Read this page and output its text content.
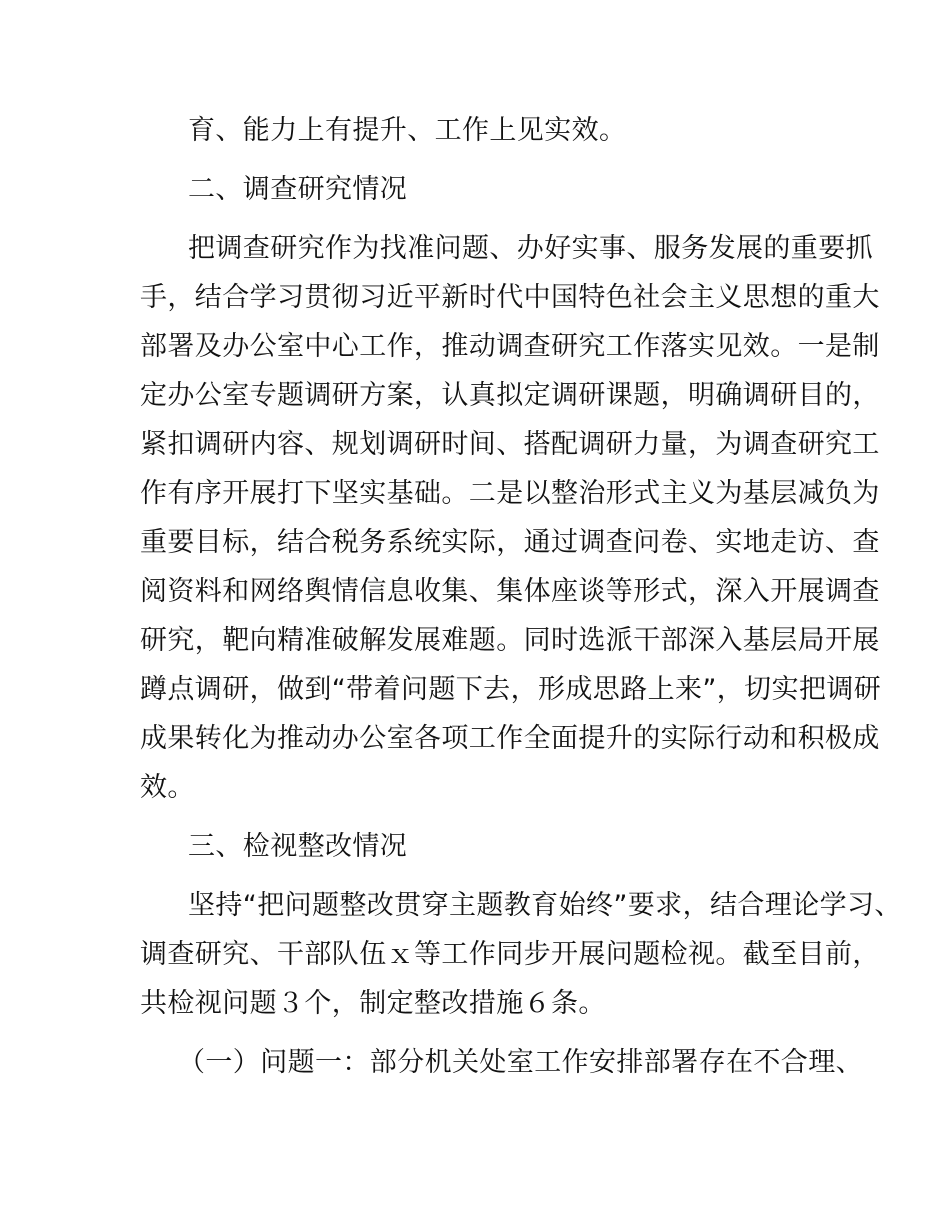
育、能力上有提升、工作上见实效。
二、调查研究情况
把调查研究作为找准问题、办好实事、服务发展的重要抓
手，结合学习贯彻习近平新时代中国特色社会主义思想的重大
部署及办公室中心工作，推动调查研究工作落实见效。一是制
定办公室专题调研方案，认真拟定调研课题，明确调研目的，
紧扣调研内容、规划调研时间、搭配调研力量，为调查研究工
作有序开展打下坚实基础。二是以整治形式主义为基层减负为
重要目标，结合税务系统实际，通过调查问卷、实地走访、查
阅资料和网络舆情信息收集、集体座谈等形式，深入开展调查
研究，靶向精准破解发展难题。同时选派干部深入基层局开展
蹲点调研，做到“带着问题下去，形成思路上来”，切实把调研
成果转化为推动办公室各项工作全面提升的实际行动和积极成
效。
三、检视整改情况
坚持“把问题整改贯穿主题教育始终”要求，结合理论学习、
调查研究、干部队伍ｘ等工作同步开展问题检视。截至目前，
共检视问题３个，制定整改措施６条。
（一）问题一：部分机关处室工作安排部署存在不合理、
